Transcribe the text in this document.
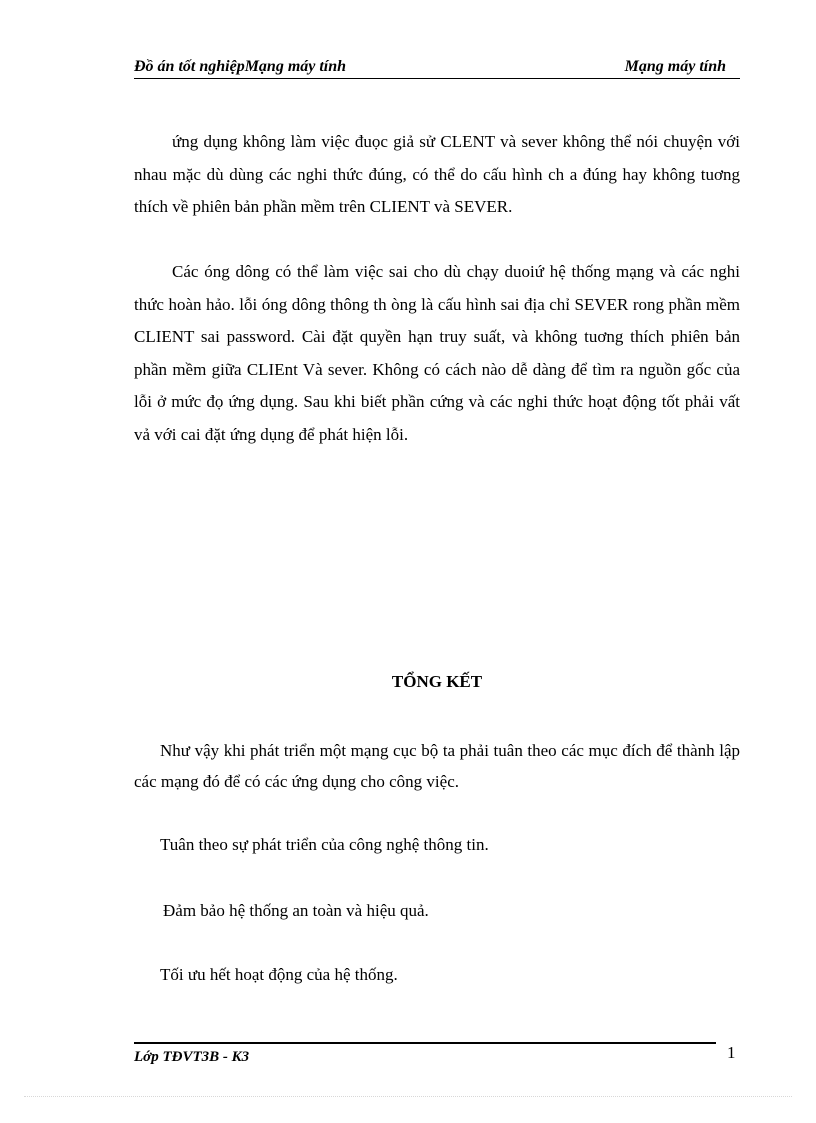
Đồ án tốt nghiệpMạng máy tính	Mạng máy tính

ứng dụng không làm việc đuọc giả sử CLENT và sever không thể nói chuyện với nhau mặc dù dùng các nghi thức đúng, có thể do cấu hình ch a đúng hay không tuơng thích về phiên bản phần mềm trên CLIENT và SEVER.

Các óng dông có thể làm việc sai cho dù chạy duoiứ hệ thống mạng và các nghi thức hoàn hảo. lỗi óng dông thông th òng là cấu hình sai địa chỉ SEVER rong phần mềm CLIENT sai password. Cài đặt quyền hạn truy suất, và không tuơng thích phiên bản phần mềm giữa CLIEnt Và sever. Không có cách nào dễ dàng để tìm ra nguồn gốc của lỗi ở mức đọ ứng dụng. Sau khi biết phần cứng và các nghi thức hoạt động tốt phải vất vả với cai đặt ứng dụng để phát hiện lỗi.

TỔNG KẾT

Như vậy khi phát triển một mạng cục bộ ta phải tuân theo các mục đích để thành lập các mạng đó để có các ứng dụng cho công việc.

Tuân theo sự phát triển của công nghệ thông tin.
Đảm bảo hệ thống an toàn và hiệu quả.
Tối ưu hết hoạt động của hệ thống.
Lớp TĐVT3B - K3	1
